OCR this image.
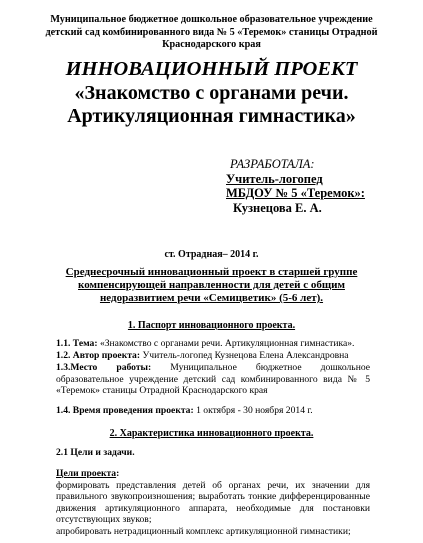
Муниципальное бюджетное дошкольное образовательное учреждение детский сад комбинированного вида № 5 «Теремок» станицы Отрадной Краснодарского края
ИННОВАЦИОННЫЙ ПРОЕКТ
«Знакомство с органами речи.
Артикуляционная гимнастика»
РАЗРАБОТАЛА:
Учитель-логопед
МБДОУ № 5 «Теремок»:
Кузнецова Е. А.
ст. Отрадная– 2014 г.
Среднесрочный инновационный проект в старшей группе компенсирующей направленности для детей с общим недоразвитием речи «Семицветик» (5-6 лет).
1. Паспорт инновационного проекта.
1.1. Тема: «Знакомство с органами речи. Артикуляционная гимнастика».
1.2. Автор проекта: Учитель-логопед Кузнецова Елена Александровна
1.3.Место работы: Муниципальное бюджетное дошкольное образовательное учреждение детский сад комбинированного вида № 5 «Теремок» станицы Отрадной Краснодарского края
1.4. Время проведения проекта: 1 октября - 30 ноября 2014 г.
2. Характеристика инновационного проекта.
2.1 Цели и задачи.
Цели проекта:
формировать представления детей об органах речи, их значении для правильного звукопроизношения; выработать тонкие дифференцированные движения артикуляционного аппарата, необходимые для постановки отсутствующих звуков;
апробировать нетрадиционный комплекс артикуляционной гимнастики;
